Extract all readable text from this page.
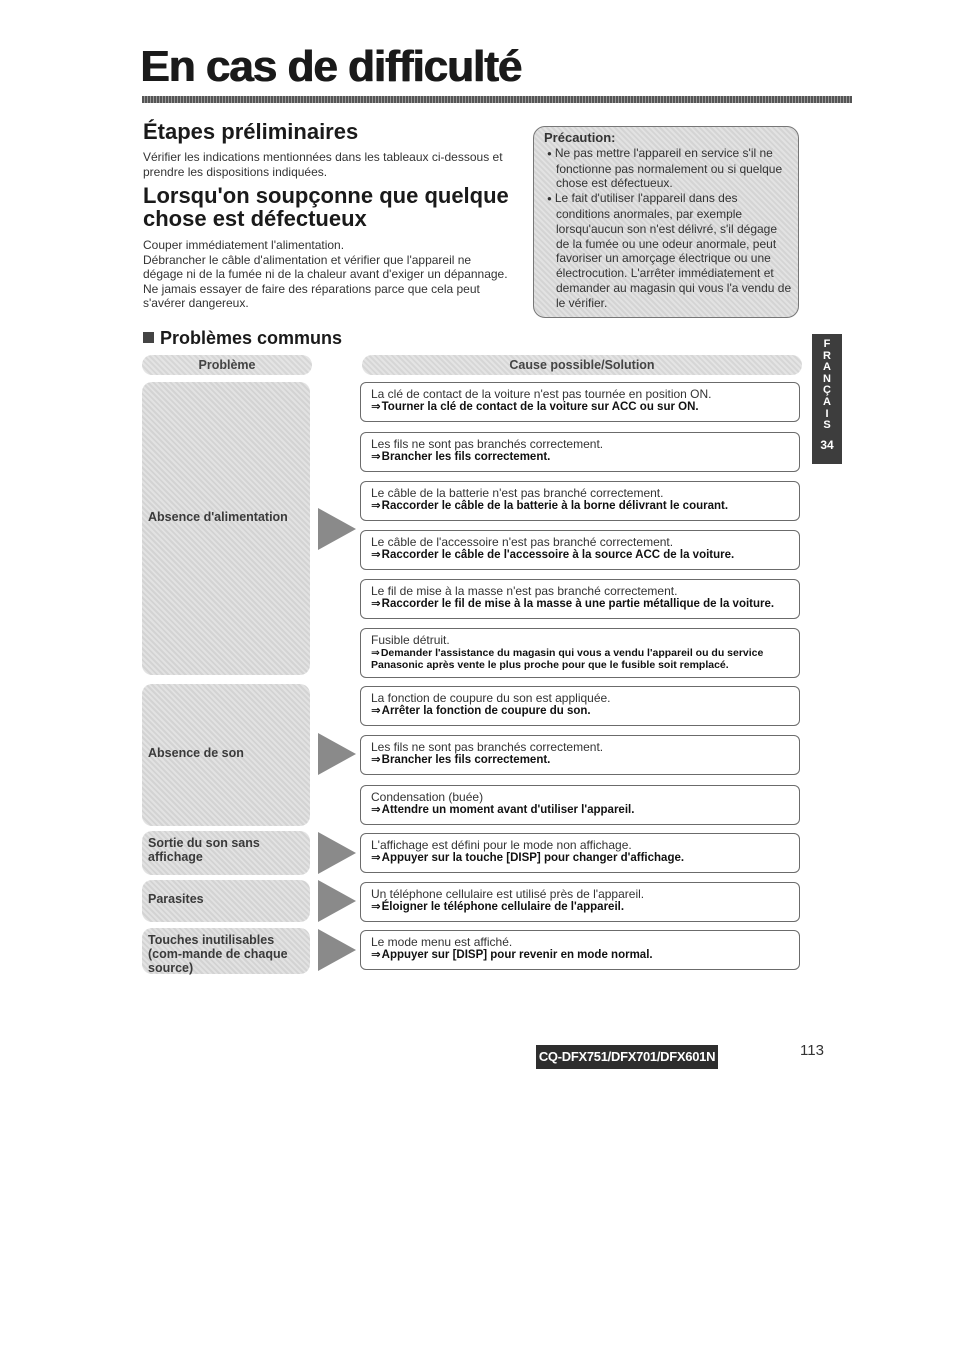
En cas de difficulté
Étapes préliminaires
Vérifier les indications mentionnées dans les tableaux ci-dessous et prendre les dispositions indiquées.
Lorsqu'on soupçonne que quelque chose est défectueux
Couper immédiatement l'alimentation.
Débrancher le câble d'alimentation et vérifier que l'appareil ne dégage ni de la fumée ni de la chaleur avant d'exiger un dépannage.
Ne jamais essayer de faire des réparations parce que cela peut s'avérer dangereux.
Précaution:
● Ne pas mettre l'appareil en service s'il ne fonctionne pas normalement ou si quelque chose est défectueux.
● Le fait d'utiliser l'appareil dans des conditions anormales, par exemple lorsqu'aucun son n'est délivré, s'il dégage de la fumée ou une odeur anormale, peut favoriser un amorçage électrique ou une électrocution. L'arrêter immédiatement et demander au magasin qui vous l'a vendu de le vérifier.
F
R
A
N
Ç
A
I
S
34
Problèmes communs
Problème	Cause possible/Solution
Absence d'alimentation
Absence de son
Sortie du son sans affichage
Parasites
Touches inutilisables (com-mande de chaque source)
La clé de contact de la voiture n'est pas tournée en position ON.
⇒ Tourner la clé de contact de la voiture sur ACC ou sur ON.
Les fils ne sont pas branchés correctement.
⇒ Brancher les fils correctement.
Le câble de la batterie n'est pas branché correctement.
⇒ Raccorder le câble de la batterie à la borne délivrant le courant.
Le câble de l'accessoire n'est pas branché correctement.
⇒ Raccorder le câble de l'accessoire à la source ACC de la voiture.
Le fil de mise à la masse n'est pas branché correctement.
⇒ Raccorder le fil de mise à la masse à une partie métallique de la voiture.
Fusible détruit.
⇒ Demander l'assistance du magasin qui vous a vendu l'appareil ou du service Panasonic après vente le plus proche pour que le fusible soit remplacé.
La fonction de coupure du son est appliquée.
⇒ Arrêter la fonction de coupure du son.
Les fils ne sont pas branchés correctement.
⇒ Brancher les fils correctement.
Condensation (buée)
⇒ Attendre un moment avant d'utiliser l'appareil.
L'affichage est défini pour le mode non affichage.
⇒ Appuyer sur la touche [DISP] pour changer d'affichage.
Un téléphone cellulaire est utilisé près de l'appareil.
⇒ Éloigner le téléphone cellulaire de l'appareil.
Le mode menu est affiché.
⇒ Appuyer sur [DISP] pour revenir en mode normal.
CQ-DFX751/DFX701/DFX601N	113
